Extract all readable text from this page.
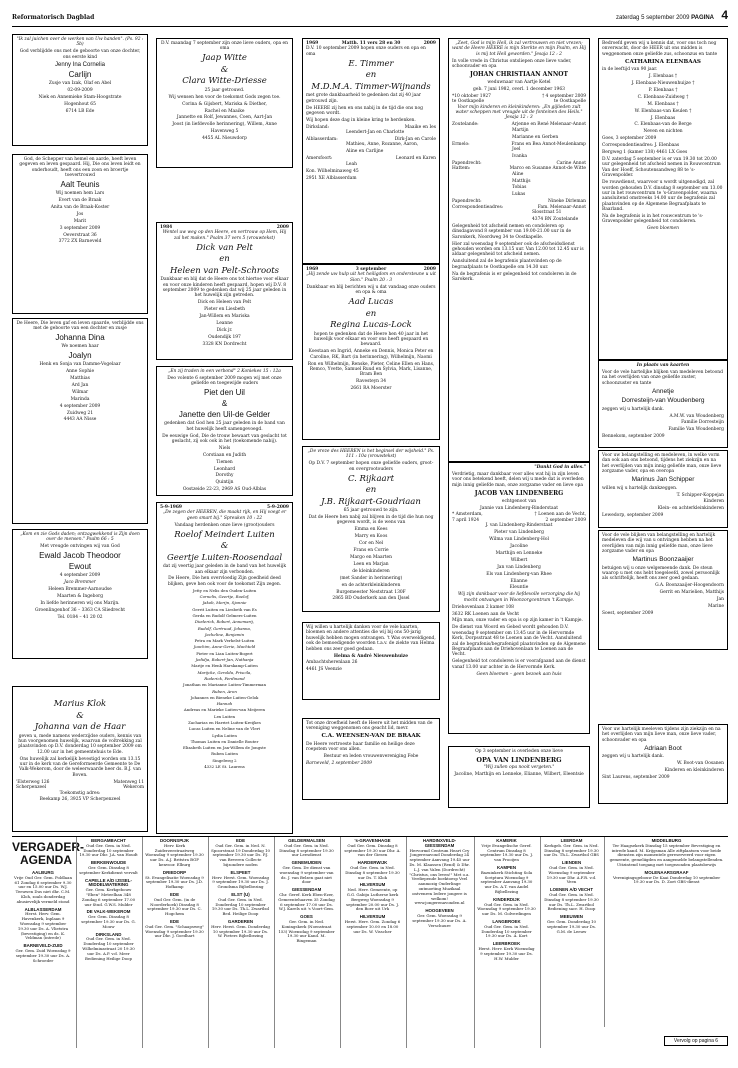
Reformatorisch Dagblad	zaterdag 5 september 2009 PAGINA 4

"Ik zal juichen over de werken van Uw handen". (Ps. 92 : 5b)

God verblijdde ons met de geboorte van onze dochter, ons eerste kind

Jenny Ina Cornelia

Carlijn

Zusje van Izak, Olaf en Abel

02-09-2009

Niek en Annemieke Stam-Hoogstrate

Hogenhout 65

6714 LB Ede

God, de Schepper van hemel en aarde, heeft leven gegeven en leven gespaard. Hij, Die ons leven leidt en onderhoudt, heeft ons een zoon en broertje toevertrouwd

Aalt Teunis

Wij noemen hem Lars

Evert van de Braak

Anita van de Braak-Koster

Jos

Marit

3 september 2009

Oeverstraat 36

3772 ZX Barneveld

De Heere, Die leven gaf en leven spaarde, verblijdde ons met de geboorte van een dochter en zusje

Johanna Dina

We noemen haar

Joalyn

Henk en Sonja van Damme-Vogelaar

Anne Sophie

Matthias

Ard Jan

Wilmar

Marinda

4 september 2009

Zuidweg 21

4443 AA Nisse

„Kom en zie Gods daden; ontzagwekkend is Zijn doen over de mensen." Psalm 66 : 5

Met vreugde ontvingen wij van God

Ewald Jacob Theodoor

Ewout

4 september 2009

Jaco Bremmer

Heleen Bremmer-Aarnoudse

Maarten & Ingeborg

In liefde herinneren wij ons Marijn.

Groenlingenhof 36 – 3363 CA Sliedrecht

Tel. 0184 – 41 20 02

Marius Klok

&

Johanna van de Haar

geven u, mede namens wederzijdse ouders, kennis van hun voorgenomen huwelijk, waarvan de voltrekking zal plaatsvinden op D.V. donderdag 10 september 2009 om 12.00 uur in het gemeentehuis te Ede.

Ons huwelijk zal kerkelijk bevestigd worden om 13.15 uur in de kerk van de Gereformeerde Gemeente te De Valk-Wekerom, door de weleerwaarde heer ds. B.J. van Boven.

'Elsterweg 126	Matenweg 11
Scherpenzeel	Wekerom

Toekomstig adres:

Beekamp 26, 3925 VP Scherpenzeel

D.V. maandag 7 september zijn onze lieve ouders, opa en oma

Jaap Witte

&

Clara Witte-Driesse

25 jaar getrouwd.

Wij wensen hen voor de toekomst Gods zegen toe.

Corina & Gijsbert, Mariska & Diether,

Rachel en Maaike

Jannette en Rolf, Jewannes, Coen, Aart-Jan

Joost (in liefdevolle herinnering), Willem, Anne

Havenweg 5

4455 AL Nieuwdorp

1984	2009

Wentel uw weg op den Heere, en vertrouw op Hem, Hij zal het maken." Psalm 37 vers 5 (vrouwtekst)

Dick van Pelt

en

Heleen van Pelt-Schroots

Dankbaar en blij dat de Heere ons tot hiertoe voor elkaar en voor onze kinderen heeft gespaard, hopen wij D.V. 8 september 2009 te gedenken dat wij 25 jaar geleden in het huwelijk zijn getreden.

Dick en Heleen van Pelt

Pieter en Liesbeth

Jan-Willem en Mariska

Leanne

Dick jr.

Oudendijk 197

3328 KN Dordrecht

„En zij traden in een verbond" 2 Koniekes 15 : 12a

Deo volente 6 september 2009 mogen wij met onze geliefde en toegewijde ouders

Piet den Uil

&

Janette den Uil-de Gelder

gedenken dat God hen 25 jaar geleden in de band van het huwelijk heeft samengevoegd.

De eeuwige God, Die de trouw bewaart van geslacht tot geslacht, zij ook ook in het (toekomende nabij).

Niels

Corstiaan en Judith

Tiemen

Leonhard

Dorothy

Quintijn

Oostzeide 22-23, 2969 AS Oud-Alblas

5-9-1969	5-9-2009

„De zegen der HEEREN, die maakt rijk, en Hij voegt er geen smart bij." Spreuken 10 : 22

Vandaag herdenken onze lieve (groot)ouders

Roelof Meindert Luiten

&

Geertje Luiten-Roosendaal

dat zij veertig jaar geleden in de band van het huwelijk aan elkaar zijn verbonden.

De Heere, Die hen overvloedig Zijn goedheid deed blijken, geve hen ook voor de toekomst Zijn zegen.

Jetty en Nelis den Ouden-Luiten

Cornelis, Geertje, Roelof,

Jakob, Merijn, Sjannie

Gerrit Luiten en Liesbeth van Es

Gerda en Rudolf Gelmers-Luiten

Diederick, Robert, Annemarij,

Rudolf, Gertruud, Johanna,

Jacheline, Benjamin

Petra en Mark Verhelst-Luiten

Joachim, Anne-Gerie, Machteld

Pieter en Lian Luiten-Bogert

Jedidja, Robert-Jan, Nathanja

Marije en Henk Harskamp-Luiten

Marijcke, Gerolda, Priscila,

Roderick, Ferdinand

Jonathan en Marianne Luiten-Timmerman

Ruben, Aron

Johannes en Bieneke Luiten-Gelok

Hannah

Andreas en Marieke Luiten-van Meijeren

Lex Luiten

Zacharias en Harriet Luiten-Kreijkes

Lucas Luiten en Neline van de Vlert

Lydia Luiten

Thomas Luiten en Danielle Bouter

Elizabeth Luiten en Jan-Willem de Jongste

Ruben Luiten

Singelweg 2

4332 LE St. Laurens

1969	Matth. 11 vers 28 en 30	2009

D.V. 10 september 2009 hopen onze ouders en opa en oma

E. Timmer

en

M.D.M.A. Timmer-Wijnands

met grote dankbaarheid te gedenken dat zij 40 jaar getrouwd zijn.

De HEERE zij hen en ons nabij in de tijd die ons nog gegeven wordt.

Wij hopen deze dag in kleine kring te herdenken.

Dirksland:	Maaike en Ies

Leendert-Jan en Charlotte

Alblasserdam:	Dirk-Jan en Carole

Mathieu, Anne, Rozanne, Aaron,

Aline en Carlijne

Amersfoort:	Leonard en Karen

Leah

Kon. Wilhelminaweg 45

2951 XE Alblasserdam

1969	3 september	2009

„Hij zende uw hulp uit het heiligdom en ondersteune u uit Sion." Psalm 20 : 3

Dankbaar en blij berichten wij u dat vandaag onze ouders en opa & oma

Aad Lucas

en

Regina Lucas-Lock

hopen te gedenken dat de Heere hen 40 jaar in het huwelijk voor elkaar en voor ons heeft gespaard en bewaard.

Koestaan en Ingrid, Anneke en Dennis, Monica Peter en Caroline, RK, Bart (in herinnering), Wilhelmijn, Naomi

Ron en Wilhelmijn, Renske, Pieter, Celine Ellen en Hans, Remco, Yvette, Samuel Ruud en Sylvia, Mark, Lisanne, Bram Ben

Ravesteyn 34

2661 RA Moerster

„De vreze des HEEREN is het beginsel der wijsheid." Ps. 111 : 10a (vrouwtekst)

Op D.V. 7 september hopen onze geliefde ouders, groot- en overgrootouders

C. Rijkaart

en

J.B. Rijkaart-Goudriaan

65 jaar getrouwd te zijn.

Dat de Heere hen nabij zal blijven in de tijd die hun nog gegeven wordt, is de wens van

Emma en Kees

Marry en Koos

Cor en Nel

Frans en Corrie

Margo en Maarten

Leen en Marjan

de kleinkinderen

(met Sander in herinnering)

en de achterkleinkinderen

Burgemeester Neststraat 130F

2865 BD Ouderkerk aan den IJssel

Wij willen u hartelijk danken voor de vele kaarten, bloemen en andere attenties die wij bij ons 50-jarig huwelijk hebben mogen ontvangen. 't Was overweldigend, ook de bemoedigende woorden t.a.v. de ziekte van Helma hebben ons zeer goed gedaan.

Helma & André Nieuwenhuize

Ambachtsherenlaan 26

4461 JS Veenzie

Tot onze droefheid heeft de Heere uit het midden van de vereniging weggenomen ons geacht lid, mevr.

C.A. WEENSEN-VAN DE BRAAK

De Heere vertroeste haar familie en heilige deze roepstem voor ons allen.

Bestuur en leden vrouwenvereniging Febe

Barneveld, 2 september 2009

„Zeet, God is mijn Heil, ik zal vertrouwen en niet vrezen; want de Heere HEERE is mijn Sterkte en mijn Psalm, en Hij is mij tot Heil geworden." Jesaja 12 : 2

In volle vrede in Christus ontsliepen onze lieve vader, schoonvader en opa

JOHAN CHRISTIAAN ANNOT

weduwnaar van Aartje Ketel

geb. 7 juni 1982, overl. 1 december 1963

*10 oktober 1927	† 4 september 2009
te Oostkapelle	te Oostkapelle

Voor mijn kinderen en kleinkinderen: „En gijlieden zult water scheppen met vreugde uit de fonteinen des Heils." Jesaja 12 : 3

Zoutelande:	Arjenne en René Melenaar-Annot

Martijn

Marianne en Gerben

Ermelo:	Frans en Bea Annot-Meulenkamp

Joel

Ivanka

Papendrecht:	Carine Annot
Hattem:	Marco en Susanne Annot-de Witte

Aline

Matthijs

Tobias

Lukas

Papendrecht:	Nineke Dirleman
Correspondentieadres:	Fam. Melenaar-Annot

Slosstraat 51

4374 BN Zoutelande

Gelegenheid tot afscheid nemen en condoleren op dinsdagavond 8 september van 19.00-21.00 uur in de Saronkerk, Noordweg 34 te Oostkapelle.

Hier zal woensdag 9 september ook de afscheidsdienst gehouden worden om 13.15 uur. Van 12.00 tot 12.45 uur is aldaar gelegenheid tot afscheid nemen.

Aansluitend zal de begrafenis plaatsvinden op de begraafplaats te Oostkapelle om 14.30 uur.

Na de begrafenis is er gelegenheid tot condoleren in de Sarokerk.

"Dankt God in alles."

Verdrietig, maar dankbaar voor alles wat hij in zijn leven voor ons betekend heeft, delen wij u mede dat is overleden mijn innig geliefde man, onze zorgzame vader en lieve opa

JACOB VAN LINDENBERG

echtgenoot van

Jannie van Lindenberg-Rinderstaat

* Amsterdam,	† Loenen aan de Vecht,
7 april 1924	2 september 2009

J. van Lindenberg-Rinderstaat

Pieter van Lindenberg

Wilma van Lindenberg-Hol

Jacoline

Marthijn en Lenneke

Wilbert

Jan van Lindenberg

Els van Lindenberg-van Rhee

Elianne

Eleuntie

Wij zijn dankbaar voor de liefdevolle verzorging die hij mocht ontvangen in Woonzorgcentrum 't Kampje.

Driehovenlaan 2 kamer 108

3632 RK Loenen aan de Vecht

Mijn man, onze vader en opa is op zijn kamer in 't Kampje.

De dienst van Woord en Gebed wordt gehouden D.V. woensdag 9 september om 13.45 uur in de Hervormde Kerk, Dorpsstraat 48 te Loenen aan de Vecht. Aansluitend zal de begrafenis/begrafenigd plaatsvinden op de Algemene Begraafplaats aan de Driehovenlaan te Loenen aan de Vecht.

Gelegenheid tot condoleren is er voorafgaand aan de dienst vanaf 13.00 uur achter in de Hervormde Kerk.

Geen bloemen – geen bezoek aan huis

Op 3 september is overleden onze lieve

OPA VAN LINDENBERG

"Wij zullen opa nooit vergeten."

Jacoline, Marthijn en Lenneke, Elianne, Wilbert, Eleentsie

Bedroefd geven wij u kennis dat, voor ons toch nog onverwacht, door de HEER uit ons midden is weggenomen onze geliefde zus, schoonzus en tante

CATHARINA ELENBAAS

in de leeftijd van 90 jaar.

J. Elenbaas †

J. Elenbaas-Nieuwenhuijze †

P. Elenbaas †

C. Elenbaas-Zuidweg †

M. Elenbaas †

W. Elenbaas-van Keulen †

J. Elenbaas

C. Elenbaas-van de Berge

Neven en nichten

Goes, 3 september 2009

Correspondentieadres: J. Elenbaas

Bergweg 1 (kamer 138) 4461 LX Goes

D.V. zaterdag 5 september is er van 19.30 tot 20.00 uur gelegenheid tot afscheid nemen in Rouwcentrum Van der Hoeff, Schoutensandweg 88 te 's-Gravenpolder.

De rouwdienst, waarvoor u wordt uitgenodigd, zal worden gehouden D.V. dinsdag 8 september om 13.00 uur in het rouwcentrum te 's-Gravenpolder, waarna aansluitend omstreeks 14.00 uur de begrafenis zal plaatsvinden op de Algemene Begraafplaats te Baarland.

Na de begrafenis is in het rouwcentrum te 's-Gravenpolder gelegenheid tot condoleren.

Geen bloemen

In plaats van kaarten

Voor de vele hartelijke blijken van medeleven betoond na het overlijden van onze geliefde zuster, schoonzuster en tante

Annetje

Dorresteijn-van Woudenberg

zeggen wij u hartelijk dank.

A.M.W. van Woudenberg

Familie Dorresteijn

Familie Van Woudenberg

Bennekom, september 2009

Voor uw belangstelling en medeleven, in welke vorm dan ook aan ons betoond, tijdens het ziekzijn en na het overlijden van mijn innig geliefde man, onze lieve zorgzame vader, opa en overopa

Marinus Jan Schipper

willen wij u hartelijk dankzeggen.

T. Schipper-Koppejan

Kinderen

Klein- en achterkleinkinderen

Lewedorp, september 2009

Voor de vele blijken van belangstelling en hartelijk medeleven die wij van u ontvingen hebben na het overlijden van mijn innig geliefde man, onze lieve zorgzame vader en opa

Martinus Boonzaaijer

betuigen wij u onze welgemeende dank. De steun waarop u met ons hebt toegeleefd, zowel persoonlijk als schriftelijk, heeft ons zeer goed gedaan.

G.A. Boonzaaijer-Hoogendoorn

Gerrit en Marielien, Matthijs

Jan

Marine

Soest, september 2009

Voor uw hartelijk meeleven tijdens zijn ziekzijn en na het overlijden van mijn lieve man, onze lieve vader, schoonvader en opa

Adriaan Boot

zeggen wij u hartelijk dank.

W. Boot-van Oosanen

Kinderen en kleinkinderen

Sint Laurens, september 2009

VERGADER-
AGENDA
AALBURG
Vrije Oud Ger. Gem. Poldlaan 61 Zondag 6 september 9.30 uur en 15.00 uur Ds. W.J. Teeuwen Dus niet dhr. C.M. Kloh, zoals donderdag abusievelijk vermeld stond
ALBLASSERDAM
Herst. Herv. Gem. Havenkerk, Inplaan 9 Woensdag 9 september 19.30 uur Ds. A. Vlietstra (bevestiging) en ds. K. Veldman (intrede)
BARNEVELD-ZUID
Ger. Gem. Zuid Woensdag 9 september 19.30 uur Ds. A. Schroeder
BERGAMBACHT
Oud Ger. Gem. in Ned. Donderdag 10 september 19.30 uur Dhr. J.A. van Houdt
BERKENWOUDE
Ger. Gem. Dinsdag 8 september Kerkdienst vervalt
CAPELLE A/D IJSSEL-MIDDELWATERING
Ger. Gem. Kerkgebouw "Eben" Meteelhan 348 Zondag 6 september 17.00 uur Stud. G.W.S. Mulder
DE VALK-WEKEROM
Ger. Gem. Dinsdag 8 september 19.30 uur Ds. G. Mouw
DIRKSLAND
Oud Ger. Gem. in Ned. Donderdag 10 september Wilhelminastraat 20 19.30 uur Ds. A.P. v.d. Meer Bediening Heilige Doop
DOORNSPIJK
Herv. Kerk Zuiderzeestraatweg Woensdag 9 september 19.30 uur Ds. A.J. Britstra BGP kenvoor. Elburg
DRIEDORP
St. Evangelisatie Woensdag 9 september 19.30 uur Ds. J.D. Hofkamp
EDE
Oud Ger. Gem. (in de Noorderhoek) Dinsdag 8 september 19.30 uur Ds. C. Hogchem
EDE
Oud Ger. Gem. "Schaapsweg" Woensdag 9 september 19.30 uur Dhr. J. Goedhart
EDE
Oud Ger. Gem. in Ned. N. Spoorstraat 19 Donderdag 10 september 19.30 uur Ds. P.J. van Beveren Collecte bijzondere noden
ELSPEET
Herv. Herst. Gem. Woensdag 9 september 19.30 uur Ds. J. Grondsma Bijbelbezing
ELST (U)
Oud Ger. Gem. in Ned. Donderdag 10 september 19.30 uur Ds. Th.L. Zwartbol Bed. Heilige Doop
GARDEREN
Herv. Herst. Gem. Donderdag 10 september 19.30 uur Ds. W. Pieters Bijbelbezing
GELDERMALSEN
Oud Ger. Gem. in Ned. Dinsdag 8 september 19.30 uur Leesdienst
GENEMUIDEN
Ger. Gem. De dienst van woensdag 9 september van ds. J. van Belzen gaat niet door
GIESSENDAM
Chr. Geref. Kerk Eben-Ezer, Gemeentehaaven 35 Zondag 6 september 17.00 uur Ds. W.J. Karels uit 's Voort-Gem.
GOES
Ger. Gem. in Ned. Koningskerk (Noenstraat 153) Woensdag 9 september 19.30 uur Kand. M. Ringeman
's-GRAVENHAGE
Oud Ger. Gem. Dinsdag 8 september 19.30 uur Dhr. A. van der Giesen
HARDERWIJK
Oud Ger. Gem. in Ned. Dinsdag 8 september 19.30 uur Ds. T. Klok
HILVERSUM
Ned. Herv. Gemeente, op G.G. Gabiju Lutherse kerk Bergweg Woensdag 9 september 20.00 uur Ds. J. den Boer uit Urk
HILVERSUM
Herst. Herv. Gem. Zondag 6 september 10.00 en 18.00 uur Ds. W. Visscher
HARDINXVELD-GIESSENDAM
Hervormd Centrum Heart Cry Jongerenavond Donderdag 24 september Aanvang 19.45 uur Ds. M. Klaassen (Rend) & Dhr. L.J. van Valen (Dordrecht) "Christus, ons leven!" Met o.a. Verdiepende boektoesp Veel aanmozig Onderlinge ontmoeting Muzikaal ontvenren Iedere jongere is welkom! www.jongerenavonden.nl
HOOGEVEEN
Ger. Gem. Woensdag 9 september 19.30 uur Ds. A. Verschuure
KAMERIK
Vrije Evangelische Geref. Centrum Dinsdag 8 september 19.30 uur Ds. J. van Prooijen
KAMPEN
Bazuinkerk Stichting Sola Scriptura Woensdag 9 september Aanvang 19.30 uur Ds. A.T. van Andel Bijbellezing
KINDERDIJK
Oud Ger. Gem. in Ned. Woensdag 9 september 19.30 uur Ds. M. Golverdingen
LANGBROEK
Oud Ger. Gem. in Ned. Donderdag 10 september 19.30 uur Ds. A. Kort
LEERBROEK
Herst. Herv. Kerk Woensdag 9 september 19.30 uur Ds. H.W. Mulder
LEERDAM
Kerkgeb. Ger. Gem. in Ned. Dinsdag 8 september 19.30 uur Ds. Th.L. Zwartbol GBS
LIENDEN
Oud Ger. Gem. in Ned. Woensdag 9 september 19.30 uur Dhr. A.F.R. v.d. Veen
LOENEN A/D VECHT
Oud Ger. Gem. in Ned. Dinsdag 8 september 19.30 uur Ds. Th.L. Zwartbol Bediening sacr. H. Doop
MEEUWEN
Ger. Gem. Donderdag 10 september 19.30 uur Ds. G.M. de Leeuw
MIDDELBURG
Ter Haagsekerk Dinsdag 15 september Bevestiging en intrede kand. M. Krijgsman Alle ziftplaatsen voor beide diensten zijn momentele gereserveerd voor eigen gemeente, gemeliigden en aangemelde belangstellenden. Uitzintend toegang met toegezonden plaatsbewijs
MOLENAARSGRAAF
Verenigingsgebouw De Kaai Donderdag 10 september 19.30 uur Ds. D. Zoet GBS-dienst
Vervolg op pagina 6
